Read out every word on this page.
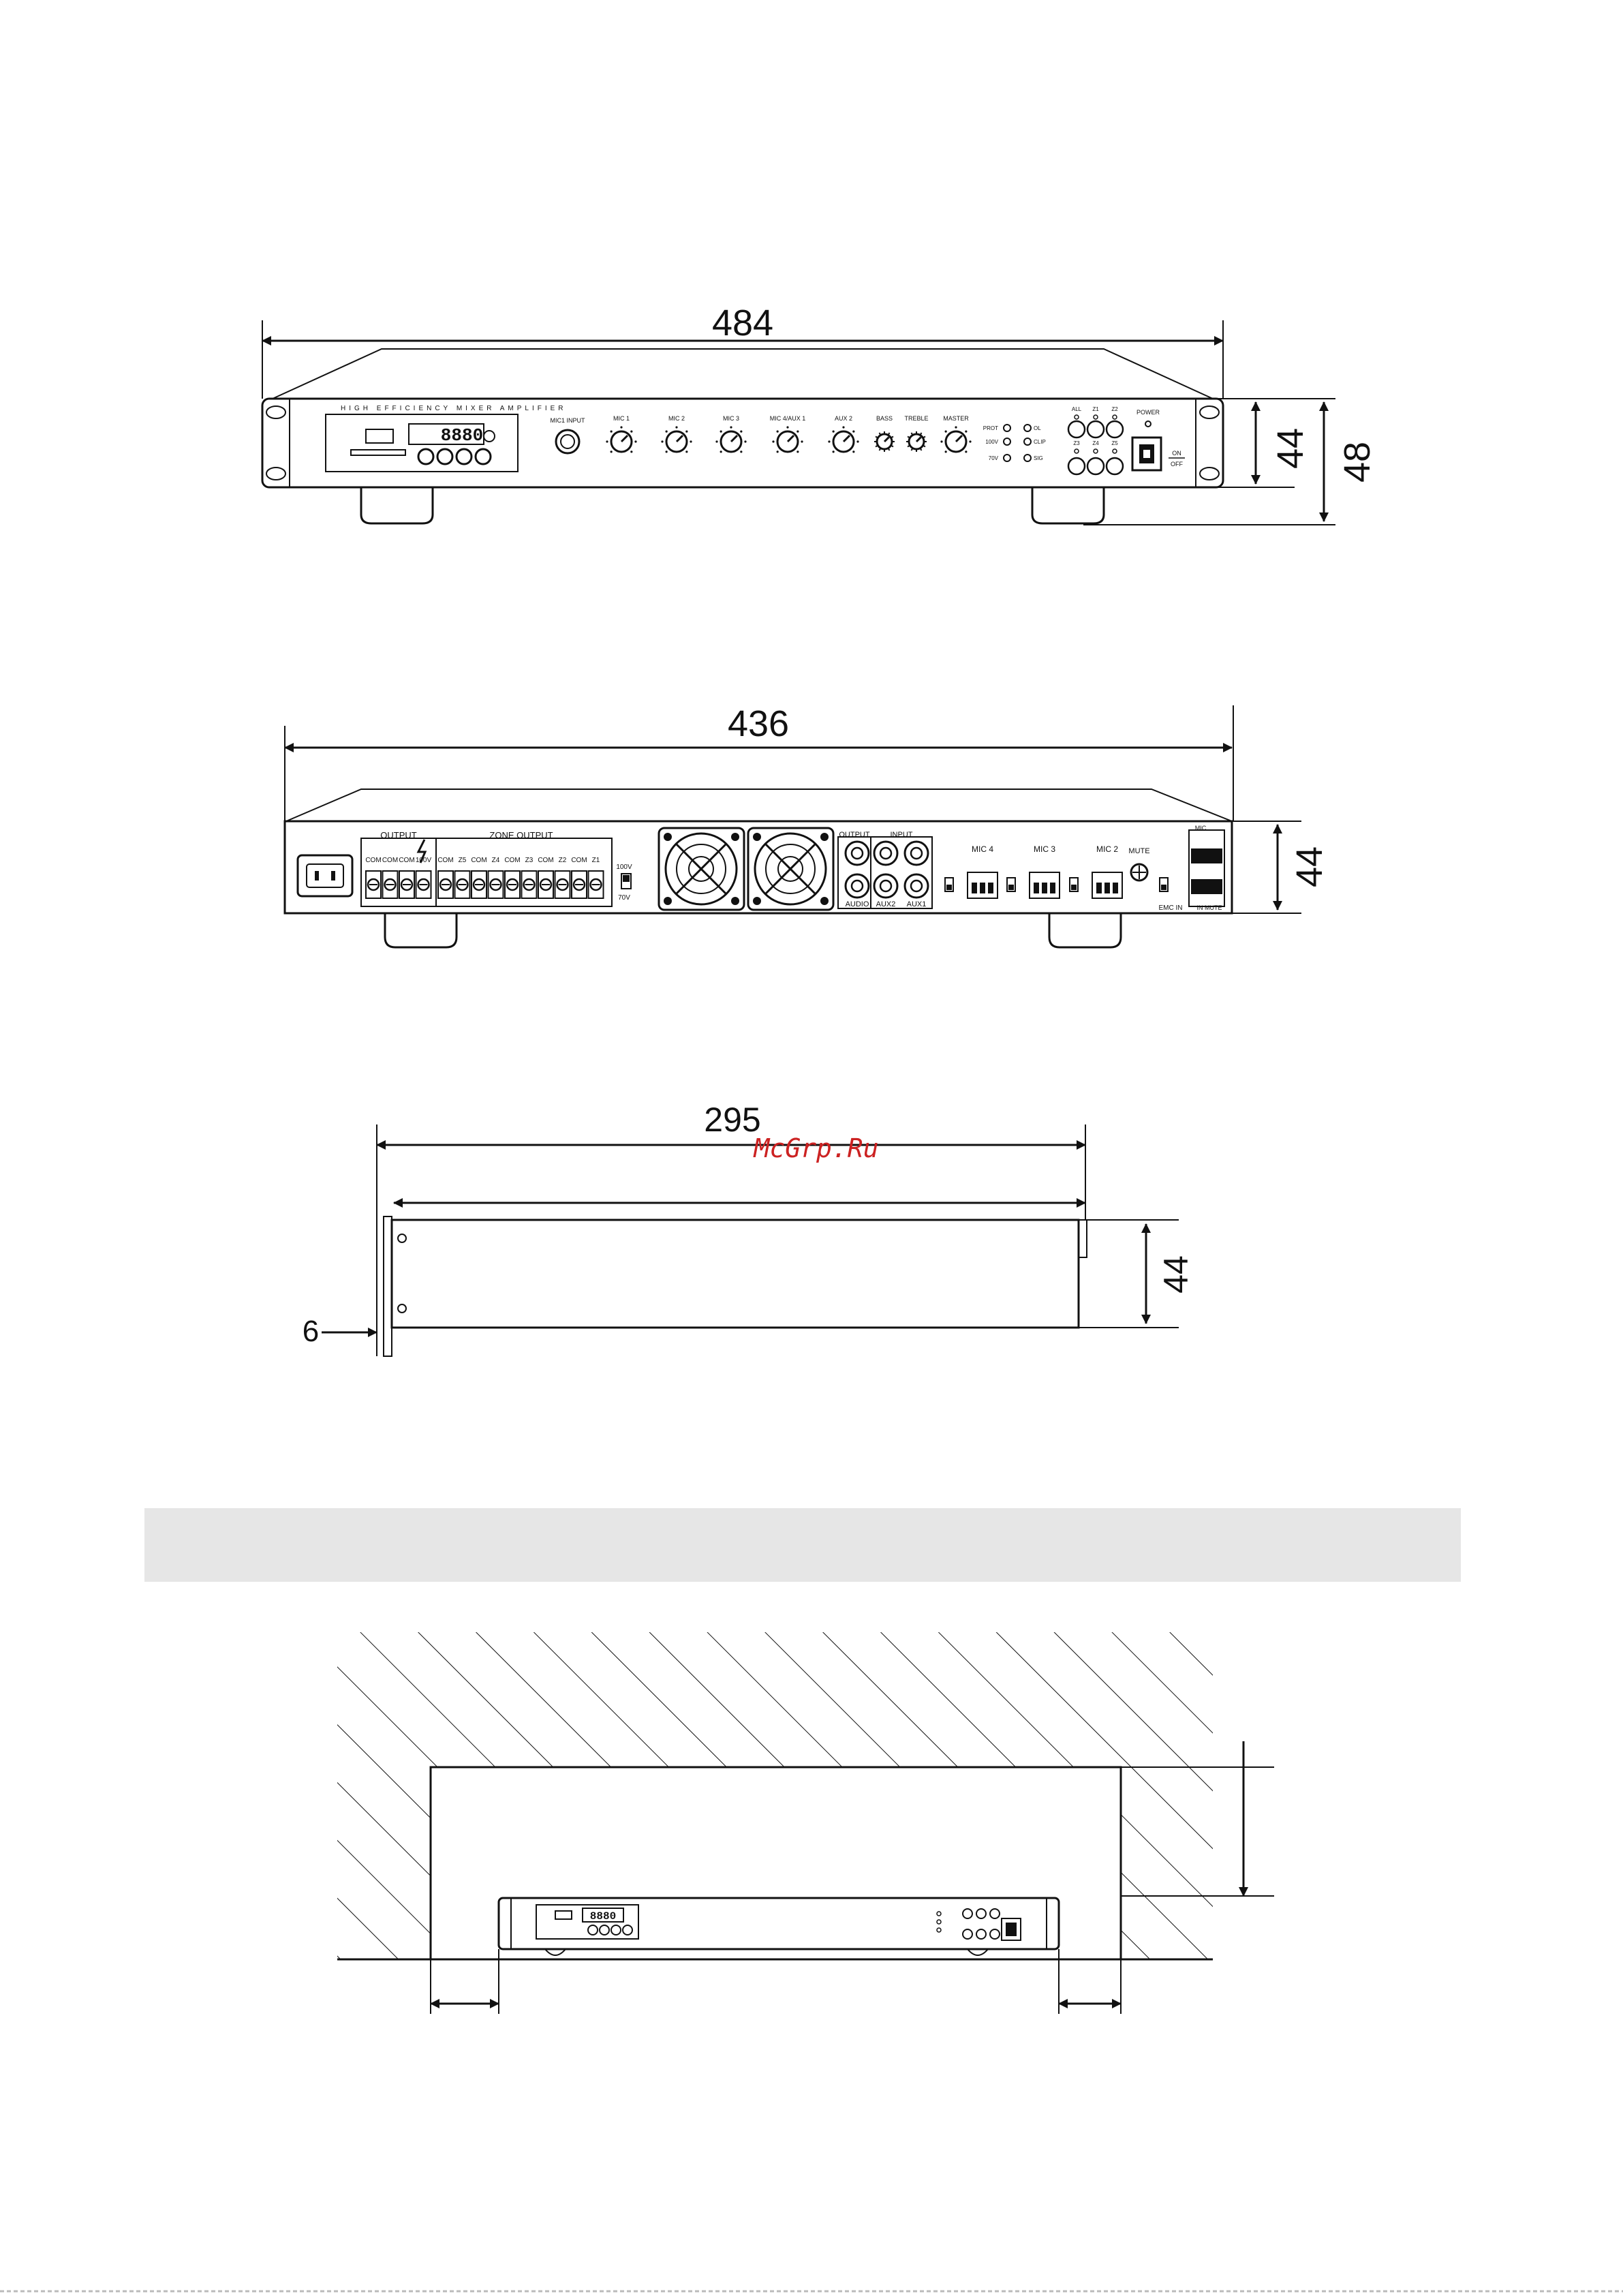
484
HIGH EFFICIENCY MIXER AMPLIFIER
8880
MIC1 INPUT	MIC 1	MIC 2	MIC 3	MIC 4/AUX 1	AUX 2	BASS TREBLE MASTER
PROT
100V
70V
OL
CLIP
SIG
ALL Z1 Z2
Z3 Z4 Z5
POWER
ON
OFF 44 48
436
OUTPUT	ZONE OUTPUT
COM COM COM 100V COM Z5 COM Z4 COM Z3 COM Z2 COM Z1
100V
70V
OUTPUT	INPUT
AUDIO AUX2 AUX1
MIC 4	MIC 3	MIC 2 MUTE
EMC IN
MIC
IN MUTE
44
295
McGrp.Ru
44
6
8880
